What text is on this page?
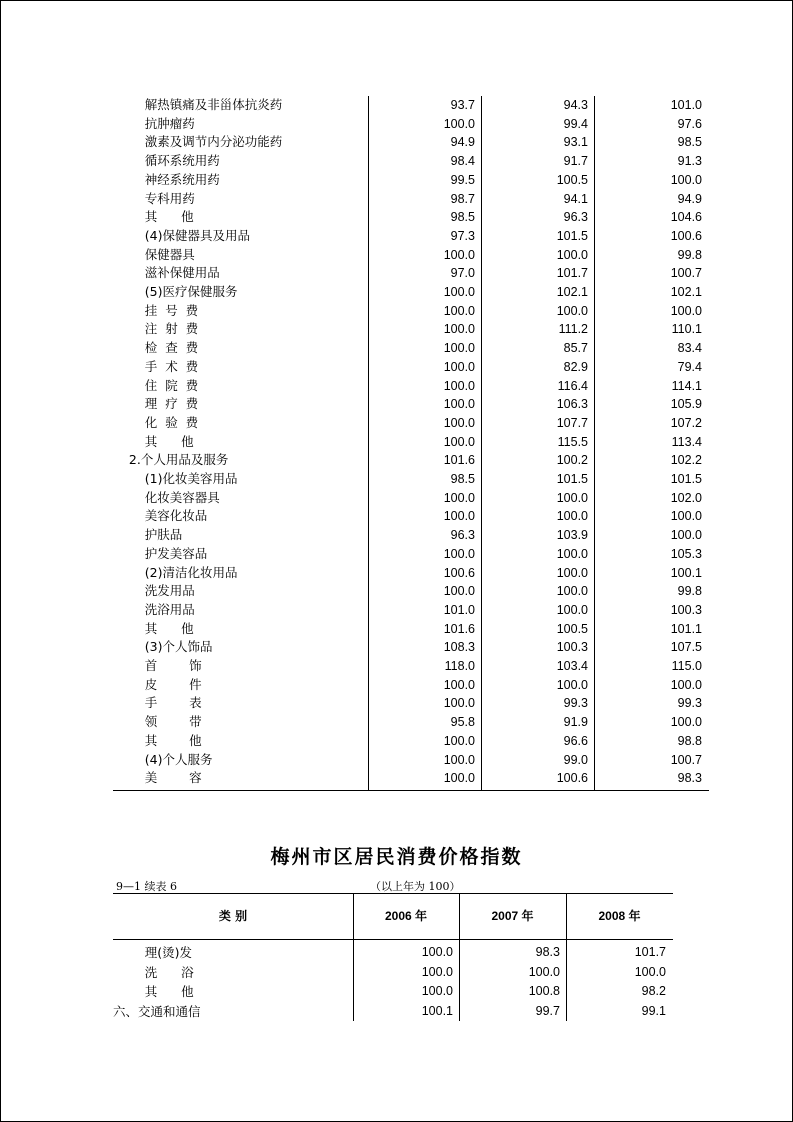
解热镇痛及非甾体抗炎药	93.7	94.3	101.0
抗肿瘤药	100.0	99.4	97.6
激素及调节内分泌功能药	94.9	93.1	98.5
循环系统用药	98.4	91.7	91.3
神经系统用药	99.5	100.5	100.0
专科用药	98.7	94.1	94.9
其      他	98.5	96.3	104.6
(4)保健器具及用品	97.3	101.5	100.6
保健器具	100.0	100.0	99.8
滋补保健用品	97.0	101.7	100.7
(5)医疗保健服务	100.0	102.1	102.1
挂  号  费	100.0	100.0	100.0
注  射  费	100.0	111.2	110.1
检  查  费	100.0	85.7	83.4
手  术  费	100.0	82.9	79.4
住  院  费	100.0	116.4	114.1
理  疗  费	100.0	106.3	105.9
化  验  费	100.0	107.7	107.2
其      他	100.0	115.5	113.4
2.个人用品及服务	101.6	100.2	102.2
(1)化妆美容用品	98.5	101.5	101.5
化妆美容器具	100.0	100.0	102.0
美容化妆品	100.0	100.0	100.0
护肤品	96.3	103.9	100.0
护发美容品	100.0	100.0	105.3
(2)清洁化妆用品	100.6	100.0	100.1
洗发用品	100.0	100.0	99.8
洗浴用品	101.0	100.0	100.3
其      他	101.6	100.5	101.1
(3)个人饰品	108.3	100.3	107.5
首        饰	118.0	103.4	115.0
皮        件	100.0	100.0	100.0
手        表	100.0	99.3	99.3
领        带	95.8	91.9	100.0
其        他	100.0	96.6	98.8
(4)个人服务	100.0	99.0	100.7
美        容	100.0	100.6	98.3
梅州市区居民消费价格指数
9—1 续表 6	（以上年为 100）
类 别	2006 年	2007 年	2008 年
理(烫)发	100.0	98.3	101.7
洗      浴	100.0	100.0	100.0
其      他	100.0	100.8	98.2
六、交通和通信	100.1	99.7	99.1
